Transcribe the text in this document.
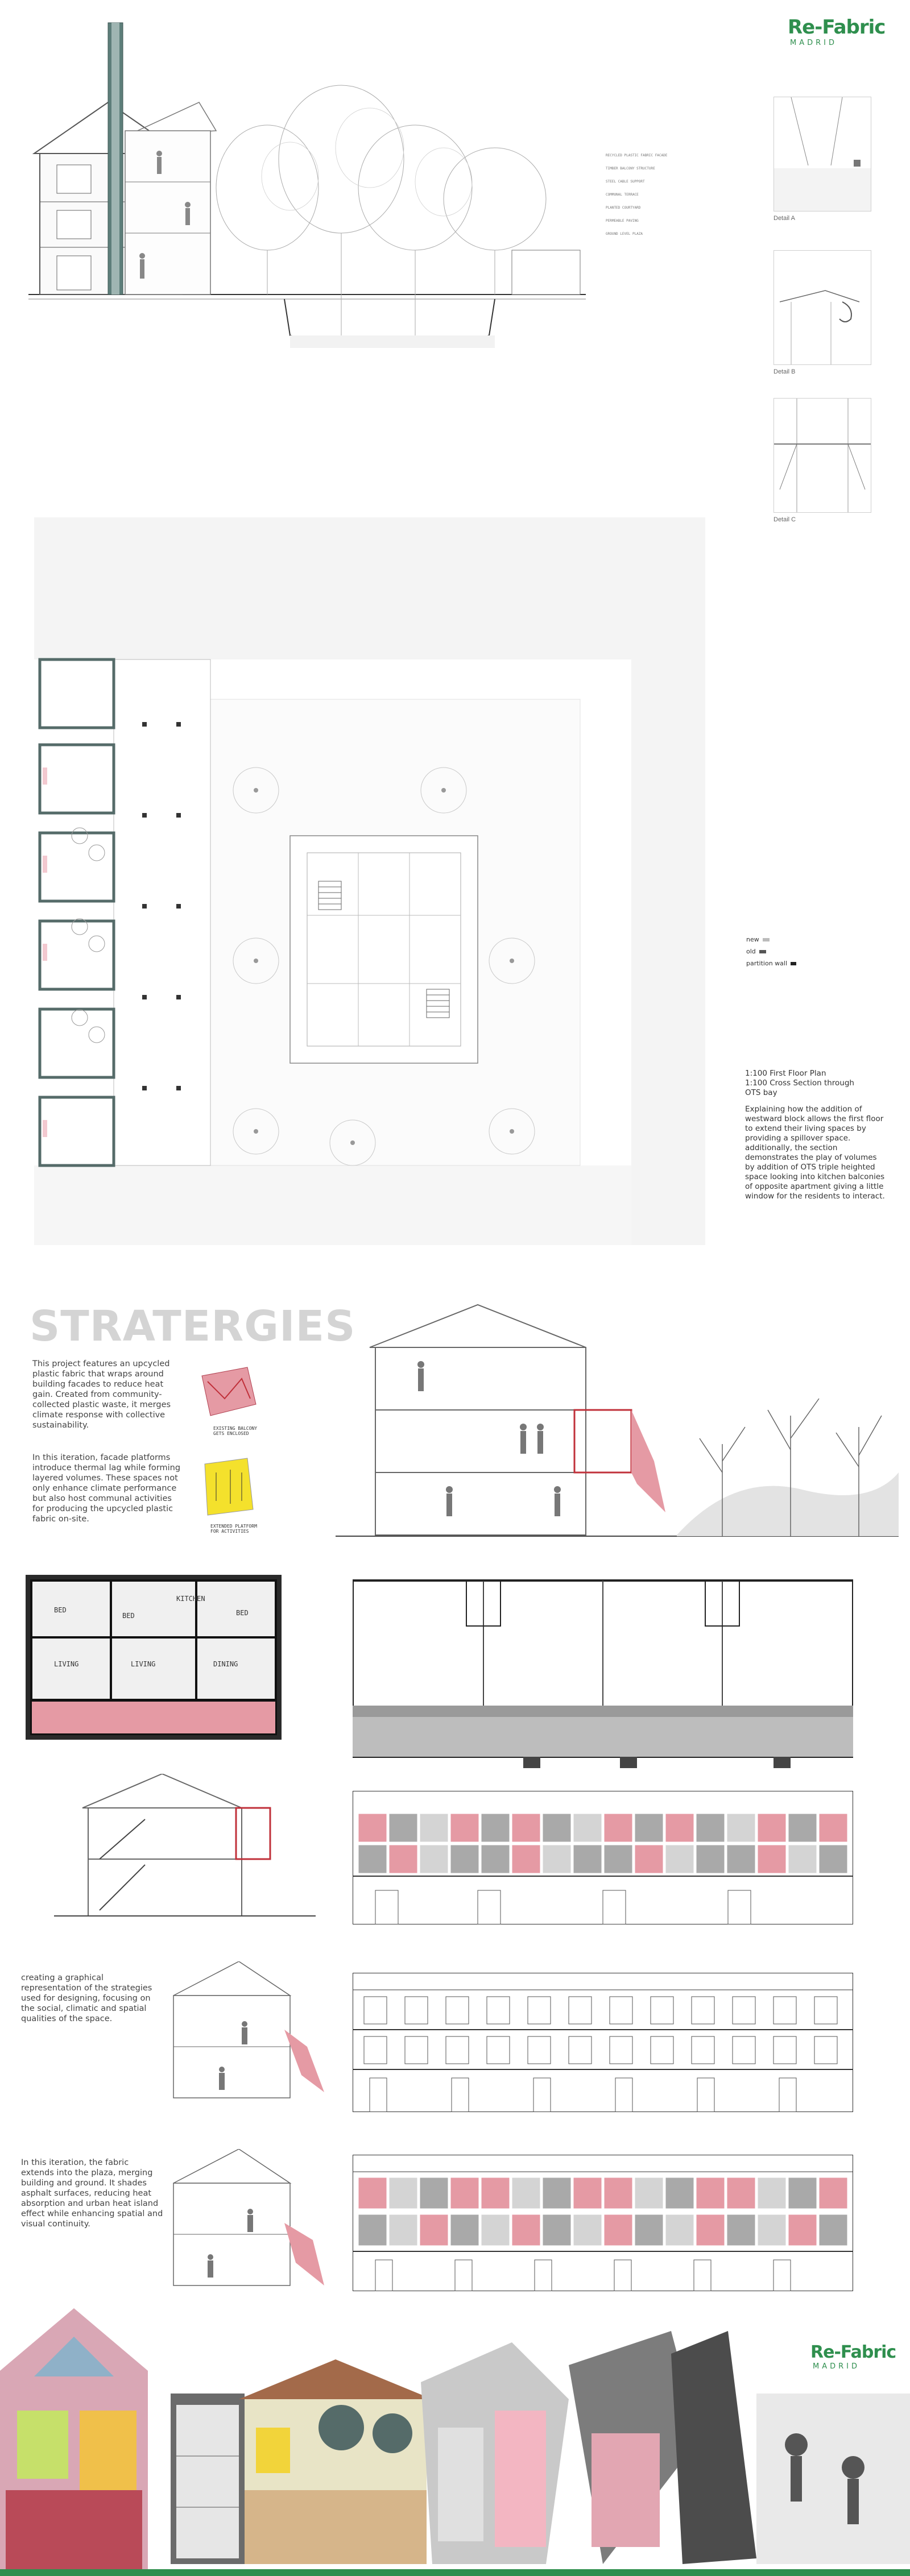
RECYCLED PLASTIC FABRIC FACADE
TIMBER BALCONY STRUCTURE
STEEL CABLE SUPPORT
COMMUNAL TERRACE
PLANTED COURTYARD
PERMEABLE PAVING
GROUND LEVEL PLAZA
Re-Fabric
MADRID
Detail A
Detail B
Detail C
new
old
partition wall
1:100 First Floor Plan
1:100 Cross Section through
OTS bay
Explaining how the addition of westward block allows the first floor to extend their living spaces by providing a spillover space. additionally, the section demonstrates the play of volumes by addition of OTS triple heighted space looking into kitchen balconies of opposite apartment giving a little window for the residents to interact.
STRATERGIES
This project features an upcycled plastic fabric that wraps around building facades to reduce heat gain. Created from community-collected plastic waste, it merges climate response with collective sustainability.
In this iteration, facade platforms introduce thermal lag while forming layered volumes. These spaces not only enhance climate performance but also host communal activities for producing the upcycled plastic fabric on-site.
EXISTING BALCONY GETS ENCLOSED
EXTENDED PLATFORM FOR ACTIVITIES
KITCHEN
BED	BED
LIVING	LIVING	DINING
BED
creating a graphical representation of the strategies used for designing, focusing on the social, climatic and spatial qualities of the space.
In this iteration, the fabric extends into the plaza, merging building and ground. It shades asphalt surfaces, reducing heat absorption and urban heat island effect while enhancing spatial and visual continuity.
Re-Fabric
MADRID
